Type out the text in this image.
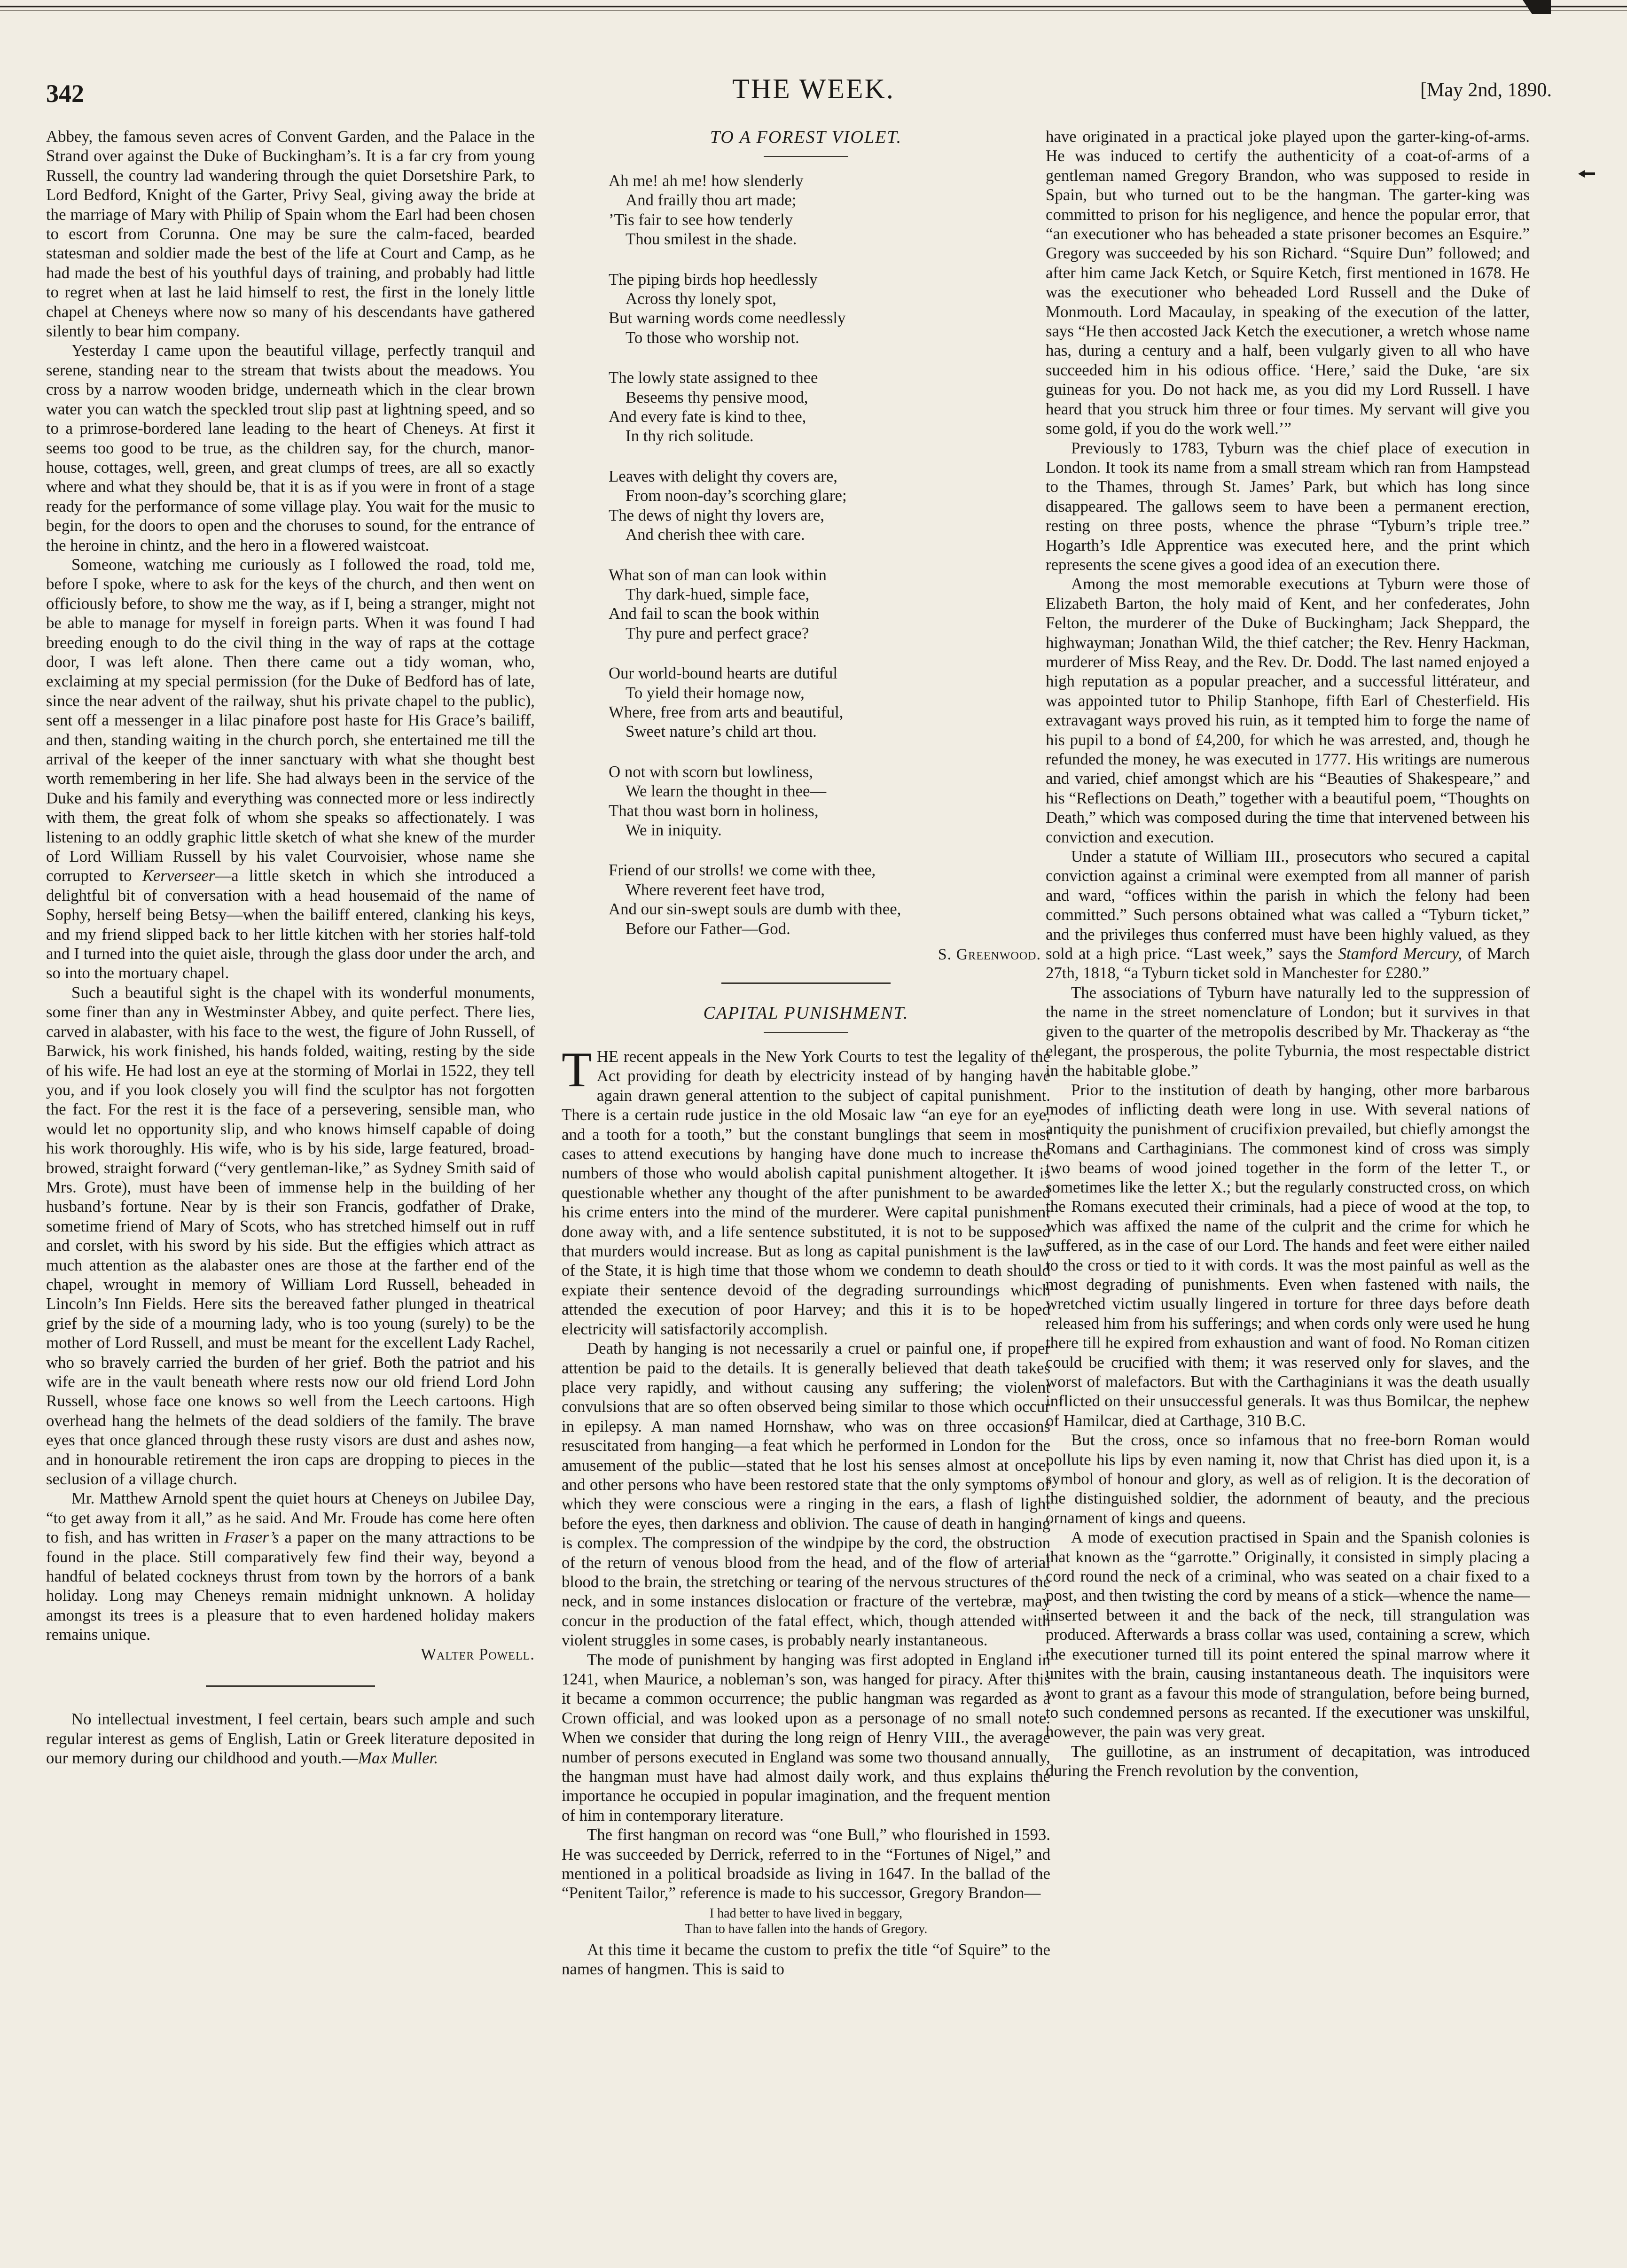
342	THE WEEK.	[May 2nd, 1890.

Abbey, the famous seven acres of Convent Garden, and the Palace in the Strand over against the Duke of Buckingham’s. It is a far cry from young Russell, the country lad wandering through the quiet Dorsetshire Park, to Lord Bedford, Knight of the Garter, Privy Seal, giving away the bride at the marriage of Mary with Philip of Spain whom the Earl had been chosen to escort from Corunna. One may be sure the calm-faced, bearded statesman and soldier made the best of the life at Court and Camp, as he had made the best of his youthful days of training, and probably had little to regret when at last he laid himself to rest, the first in the lonely little chapel at Cheneys where now so many of his descendants have gathered silently to bear him company.

Yesterday I came upon the beautiful village, perfectly tranquil and serene, standing near to the stream that twists about the meadows. You cross by a narrow wooden bridge, underneath which in the clear brown water you can watch the speckled trout slip past at lightning speed, and so to a primrose-bordered lane leading to the heart of Cheneys. At first it seems too good to be true, as the children say, for the church, manor-house, cottages, well, green, and great clumps of trees, are all so exactly where and what they should be, that it is as if you were in front of a stage ready for the performance of some village play. You wait for the music to begin, for the doors to open and the choruses to sound, for the entrance of the heroine in chintz, and the hero in a flowered waistcoat.

Someone, watching me curiously as I followed the road, told me, before I spoke, where to ask for the keys of the church, and then went on officiously before, to show me the way, as if I, being a stranger, might not be able to manage for myself in foreign parts. When it was found I had breeding enough to do the civil thing in the way of raps at the cottage door, I was left alone. Then there came out a tidy woman, who, exclaiming at my special permission (for the Duke of Bedford has of late, since the near advent of the railway, shut his private chapel to the public), sent off a messenger in a lilac pinafore post haste for His Grace’s bailiff, and then, standing waiting in the church porch, she entertained me till the arrival of the keeper of the inner sanctuary with what she thought best worth remembering in her life. She had always been in the service of the Duke and his family and everything was connected more or less indirectly with them, the great folk of whom she speaks so affectionately. I was listening to an oddly graphic little sketch of what she knew of the murder of Lord William Russell by his valet Courvoisier, whose name she corrupted to Kerverseer—a little sketch in which she introduced a delightful bit of conversation with a head housemaid of the name of Sophy, herself being Betsy—when the bailiff entered, clanking his keys, and my friend slipped back to her little kitchen with her stories half-told and I turned into the quiet aisle, through the glass door under the arch, and so into the mortuary chapel.

Such a beautiful sight is the chapel with its wonderful monuments, some finer than any in Westminster Abbey, and quite perfect. There lies, carved in alabaster, with his face to the west, the figure of John Russell, of Barwick, his work finished, his hands folded, waiting, resting by the side of his wife. He had lost an eye at the storming of Morlai in 1522, they tell you, and if you look closely you will find the sculptor has not forgotten the fact. For the rest it is the face of a persevering, sensible man, who would let no opportunity slip, and who knows himself capable of doing his work thoroughly. His wife, who is by his side, large featured, broad-browed, straight forward (“very gentleman-like,” as Sydney Smith said of Mrs. Grote), must have been of immense help in the building of her husband’s fortune. Near by is their son Francis, godfather of Drake, sometime friend of Mary of Scots, who has stretched himself out in ruff and corslet, with his sword by his side. But the effigies which attract as much attention as the alabaster ones are those at the farther end of the chapel, wrought in memory of William Lord Russell, beheaded in Lincoln’s Inn Fields. Here sits the bereaved father plunged in theatrical grief by the side of a mourning lady, who is too young (surely) to be the mother of Lord Russell, and must be meant for the excellent Lady Rachel, who so bravely carried the burden of her grief. Both the patriot and his wife are in the vault beneath where rests now our old friend Lord John Russell, whose face one knows so well from the Leech cartoons. High overhead hang the helmets of the dead soldiers of the family. The brave eyes that once glanced through these rusty visors are dust and ashes now, and in honourable retirement the iron caps are dropping to pieces in the seclusion of a village church.

Mr. Matthew Arnold spent the quiet hours at Cheneys on Jubilee Day, “to get away from it all,” as he said. And Mr. Froude has come here often to fish, and has written in Fraser’s a paper on the many attractions to be found in the place. Still comparatively few find their way, beyond a handful of belated cockneys thrust from town by the horrors of a bank holiday. Long may Cheneys remain midnight unknown. A holiday amongst its trees is a pleasure that to even hardened holiday makers remains unique.

Walter Powell.

No intellectual investment, I feel certain, bears such ample and such regular interest as gems of English, Latin or Greek literature deposited in our memory during our childhood and youth.—Max Muller.

TO A FOREST VIOLET.
Ah me! ah me! how slenderly
And frailly thou art made;
’Tis fair to see how tenderly
Thou smilest in the shade.
The piping birds hop heedlessly
Across thy lonely spot,
But warning words come needlessly
To those who worship not.
The lowly state assigned to thee
Beseems thy pensive mood,
And every fate is kind to thee,
In thy rich solitude.
Leaves with delight thy covers are,
From noon-day’s scorching glare;
The dews of night thy lovers are,
And cherish thee with care.
What son of man can look within
Thy dark-hued, simple face,
And fail to scan the book within
Thy pure and perfect grace?
Our world-bound hearts are dutiful
To yield their homage now,
Where, free from arts and beautiful,
Sweet nature’s child art thou.
O not with scorn but lowliness,
We learn the thought in thee—
That thou wast born in holiness,
We in iniquity.
Friend of our strolls! we come with thee,
Where reverent feet have trod,
And our sin-swept souls are dumb with thee,
Before our Father—God.
S. Greenwood.
CAPITAL PUNISHMENT.

THE recent appeals in the New York Courts to test the legality of the Act providing for death by electricity instead of by hanging have again drawn general attention to the subject of capital punishment. There is a certain rude justice in the old Mosaic law “an eye for an eye, and a tooth for a tooth,” but the constant bunglings that seem in most cases to attend executions by hanging have done much to increase the numbers of those who would abolish capital punishment altogether. It is questionable whether any thought of the after punishment to be awarded his crime enters into the mind of the murderer. Were capital punishment done away with, and a life sentence substituted, it is not to be supposed that murders would increase. But as long as capital punishment is the law of the State, it is high time that those whom we condemn to death should expiate their sentence devoid of the degrading surroundings which attended the execution of poor Harvey; and this it is to be hoped electricity will satisfactorily accomplish.

Death by hanging is not necessarily a cruel or painful one, if proper attention be paid to the details. It is generally believed that death takes place very rapidly, and without causing any suffering; the violent convulsions that are so often observed being similar to those which occur in epilepsy. A man named Hornshaw, who was on three occasions resuscitated from hanging—a feat which he performed in London for the amusement of the public—stated that he lost his senses almost at once; and other persons who have been restored state that the only symptoms of which they were conscious were a ringing in the ears, a flash of light before the eyes, then darkness and oblivion. The cause of death in hanging is complex. The compression of the windpipe by the cord, the obstruction of the return of venous blood from the head, and of the flow of arterial blood to the brain, the stretching or tearing of the nervous structures of the neck, and in some instances dislocation or fracture of the vertebræ, may concur in the production of the fatal effect, which, though attended with violent struggles in some cases, is probably nearly instantaneous.

The mode of punishment by hanging was first adopted in England in 1241, when Maurice, a nobleman’s son, was hanged for piracy. After this it became a common occurrence; the public hangman was regarded as a Crown official, and was looked upon as a personage of no small note. When we consider that during the long reign of Henry VIII., the average number of persons executed in England was some two thousand annually, the hangman must have had almost daily work, and thus explains the importance he occupied in popular imagination, and the frequent mention of him in contemporary literature.

The first hangman on record was “one Bull,” who flourished in 1593. He was succeeded by Derrick, referred to in the “Fortunes of Nigel,” and mentioned in a political broadside as living in 1647. In the ballad of the “Penitent Tailor,” reference is made to his successor, Gregory Brandon—

I had better to have lived in beggary,
Than to have fallen into the hands of Gregory.

At this time it became the custom to prefix the title “of Squire” to the names of hangmen. This is said to

have originated in a practical joke played upon the garter-king-of-arms. He was induced to certify the authenticity of a coat-of-arms of a gentleman named Gregory Brandon, who was supposed to reside in Spain, but who turned out to be the hangman. The garter-king was committed to prison for his negligence, and hence the popular error, that “an executioner who has beheaded a state prisoner becomes an Esquire.” Gregory was succeeded by his son Richard. “Squire Dun” followed; and after him came Jack Ketch, or Squire Ketch, first mentioned in 1678. He was the executioner who beheaded Lord Russell and the Duke of Monmouth. Lord Macaulay, in speaking of the execution of the latter, says “He then accosted Jack Ketch the executioner, a wretch whose name has, during a century and a half, been vulgarly given to all who have succeeded him in his odious office. ‘Here,’ said the Duke, ‘are six guineas for you. Do not hack me, as you did my Lord Russell. I have heard that you struck him three or four times. My servant will give you some gold, if you do the work well.’”

Previously to 1783, Tyburn was the chief place of execution in London. It took its name from a small stream which ran from Hampstead to the Thames, through St. James’ Park, but which has long since disappeared. The gallows seem to have been a permanent erection, resting on three posts, whence the phrase “Tyburn’s triple tree.” Hogarth’s Idle Apprentice was executed here, and the print which represents the scene gives a good idea of an execution there.

Among the most memorable executions at Tyburn were those of Elizabeth Barton, the holy maid of Kent, and her confederates, John Felton, the murderer of the Duke of Buckingham; Jack Sheppard, the highwayman; Jonathan Wild, the thief catcher; the Rev. Henry Hackman, murderer of Miss Reay, and the Rev. Dr. Dodd. The last named enjoyed a high reputation as a popular preacher, and a successful littérateur, and was appointed tutor to Philip Stanhope, fifth Earl of Chesterfield. His extravagant ways proved his ruin, as it tempted him to forge the name of his pupil to a bond of £4,200, for which he was arrested, and, though he refunded the money, he was executed in 1777. His writings are numerous and varied, chief amongst which are his “Beauties of Shakespeare,” and his “Reflections on Death,” together with a beautiful poem, “Thoughts on Death,” which was composed during the time that intervened between his conviction and execution.

Under a statute of William III., prosecutors who secured a capital conviction against a criminal were exempted from all manner of parish and ward, “offices within the parish in which the felony had been committed.” Such persons obtained what was called a “Tyburn ticket,” and the privileges thus conferred must have been highly valued, as they sold at a high price. “Last week,” says the Stamford Mercury, of March 27th, 1818, “a Tyburn ticket sold in Manchester for £280.”

The associations of Tyburn have naturally led to the suppression of the name in the street nomenclature of London; but it survives in that given to the quarter of the metropolis described by Mr. Thackeray as “the elegant, the prosperous, the polite Tyburnia, the most respectable district in the habitable globe.”

Prior to the institution of death by hanging, other more barbarous modes of inflicting death were long in use. With several nations of antiquity the punishment of crucifixion prevailed, but chiefly amongst the Romans and Carthaginians. The commonest kind of cross was simply two beams of wood joined together in the form of the letter T., or sometimes like the letter X.; but the regularly constructed cross, on which the Romans executed their criminals, had a piece of wood at the top, to which was affixed the name of the culprit and the crime for which he suffered, as in the case of our Lord. The hands and feet were either nailed to the cross or tied to it with cords. It was the most painful as well as the most degrading of punishments. Even when fastened with nails, the wretched victim usually lingered in torture for three days before death released him from his sufferings; and when cords only were used he hung there till he expired from exhaustion and want of food. No Roman citizen could be crucified with them; it was reserved only for slaves, and the worst of malefactors. But with the Carthaginians it was the death usually inflicted on their unsuccessful generals. It was thus Bomilcar, the nephew of Hamilcar, died at Carthage, 310 B.C.

But the cross, once so infamous that no free-born Roman would pollute his lips by even naming it, now that Christ has died upon it, is a symbol of honour and glory, as well as of religion. It is the decoration of the distinguished soldier, the adornment of beauty, and the precious ornament of kings and queens.

A mode of execution practised in Spain and the Spanish colonies is that known as the “garrotte.” Originally, it consisted in simply placing a cord round the neck of a criminal, who was seated on a chair fixed to a post, and then twisting the cord by means of a stick—whence the name—inserted between it and the back of the neck, till strangulation was produced. Afterwards a brass collar was used, containing a screw, which the executioner turned till its point entered the spinal marrow where it unites with the brain, causing instantaneous death. The inquisitors were wont to grant as a favour this mode of strangulation, before being burned, to such condemned persons as recanted. If the executioner was unskilful, however, the pain was very great.

The guillotine, as an instrument of decapitation, was introduced during the French revolution by the convention,
